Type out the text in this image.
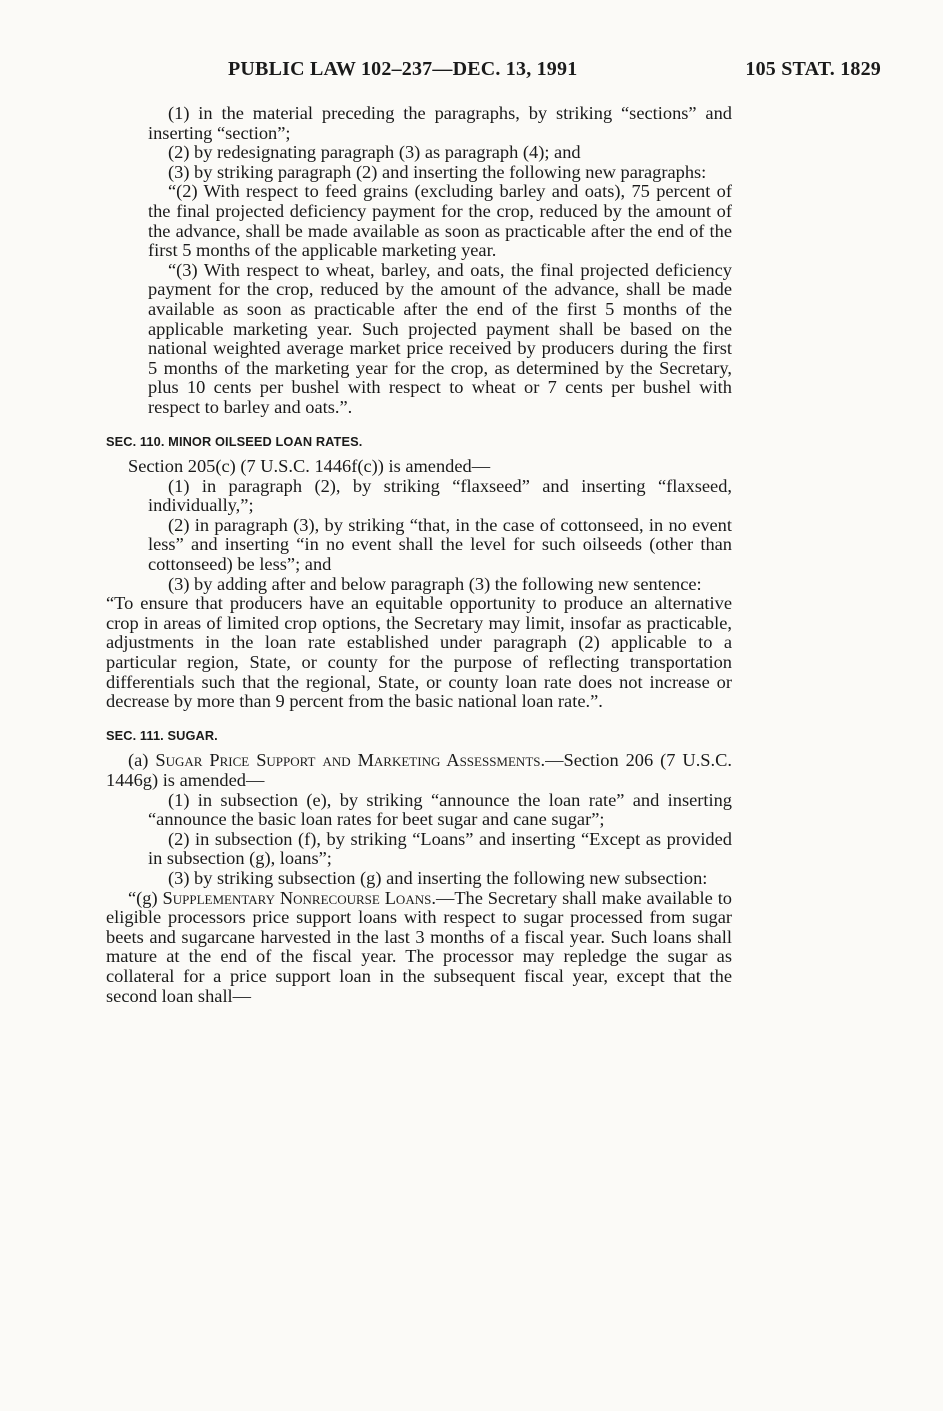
PUBLIC LAW 102–237—DEC. 13, 1991	105 STAT. 1829

(1) in the material preceding the paragraphs, by striking “sections” and inserting “section”;

(2) by redesignating paragraph (3) as paragraph (4); and

(3) by striking paragraph (2) and inserting the following new paragraphs:

“(2) With respect to feed grains (excluding barley and oats), 75 percent of the final projected deficiency payment for the crop, reduced by the amount of the advance, shall be made available as soon as practicable after the end of the first 5 months of the applicable marketing year.

“(3) With respect to wheat, barley, and oats, the final projected deficiency payment for the crop, reduced by the amount of the advance, shall be made available as soon as practicable after the end of the first 5 months of the applicable marketing year. Such projected payment shall be based on the national weighted average market price received by producers during the first 5 months of the marketing year for the crop, as determined by the Secretary, plus 10 cents per bushel with respect to wheat or 7 cents per bushel with respect to barley and oats.”.

SEC. 110. MINOR OILSEED LOAN RATES.

Section 205(c) (7 U.S.C. 1446f(c)) is amended—

(1) in paragraph (2), by striking “flaxseed” and inserting “flaxseed, individually,”;

(2) in paragraph (3), by striking “that, in the case of cottonseed, in no event less” and inserting “in no event shall the level for such oilseeds (other than cottonseed) be less”; and

(3) by adding after and below paragraph (3) the following new sentence:

“To ensure that producers have an equitable opportunity to produce an alternative crop in areas of limited crop options, the Secretary may limit, insofar as practicable, adjustments in the loan rate established under paragraph (2) applicable to a particular region, State, or county for the purpose of reflecting transportation differentials such that the regional, State, or county loan rate does not increase or decrease by more than 9 percent from the basic national loan rate.”.

SEC. 111. SUGAR.

(a) Sugar Price Support and Marketing Assessments.—Section 206 (7 U.S.C. 1446g) is amended—

(1) in subsection (e), by striking “announce the loan rate” and inserting “announce the basic loan rates for beet sugar and cane sugar”;

(2) in subsection (f), by striking “Loans” and inserting “Except as provided in subsection (g), loans”;

(3) by striking subsection (g) and inserting the following new subsection:

“(g) Supplementary Nonrecourse Loans.—The Secretary shall make available to eligible processors price support loans with respect to sugar processed from sugar beets and sugarcane harvested in the last 3 months of a fiscal year. Such loans shall mature at the end of the fiscal year. The processor may repledge the sugar as collateral for a price support loan in the subsequent fiscal year, except that the second loan shall—
